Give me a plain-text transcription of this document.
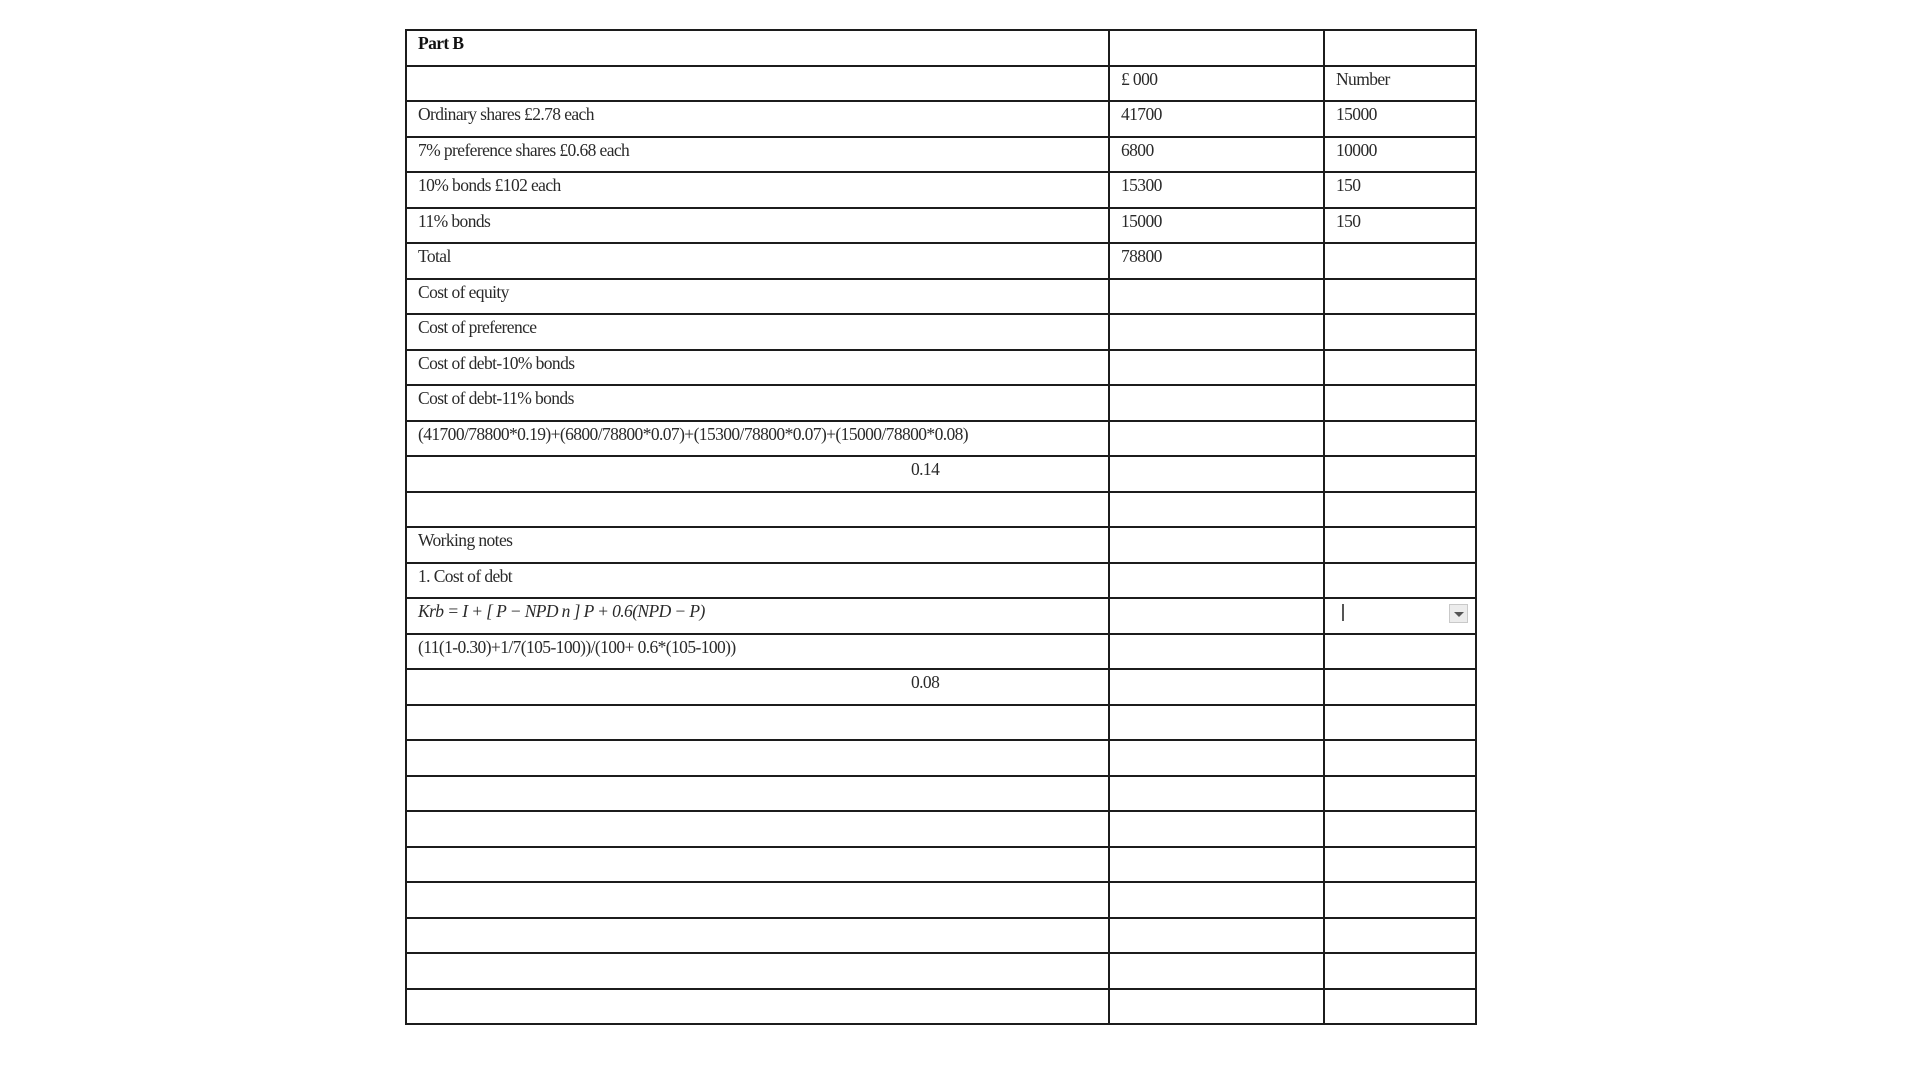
Part B		
	£ 000	Number
Ordinary shares £2.78 each	41700	15000
7% preference shares £0.68 each	6800	10000
10% bonds £102 each	15300	150
11% bonds	15000	150
Total	78800	
Cost of equity		
Cost of preference		
Cost of debt-10% bonds		
Cost of debt-11% bonds		
(41700/78800*0.19)+(6800/78800*0.07)+(15300/78800*0.07)+(15000/78800*0.08)		
0.14		

Working notes		
1. Cost of debt		
Krb = I + [ P − NPD n ] P + 0.6(NPD − P)		

(11(1-0.30)+1/7(105-100))/(100+ 0.6*(105-100))		
0.08		
